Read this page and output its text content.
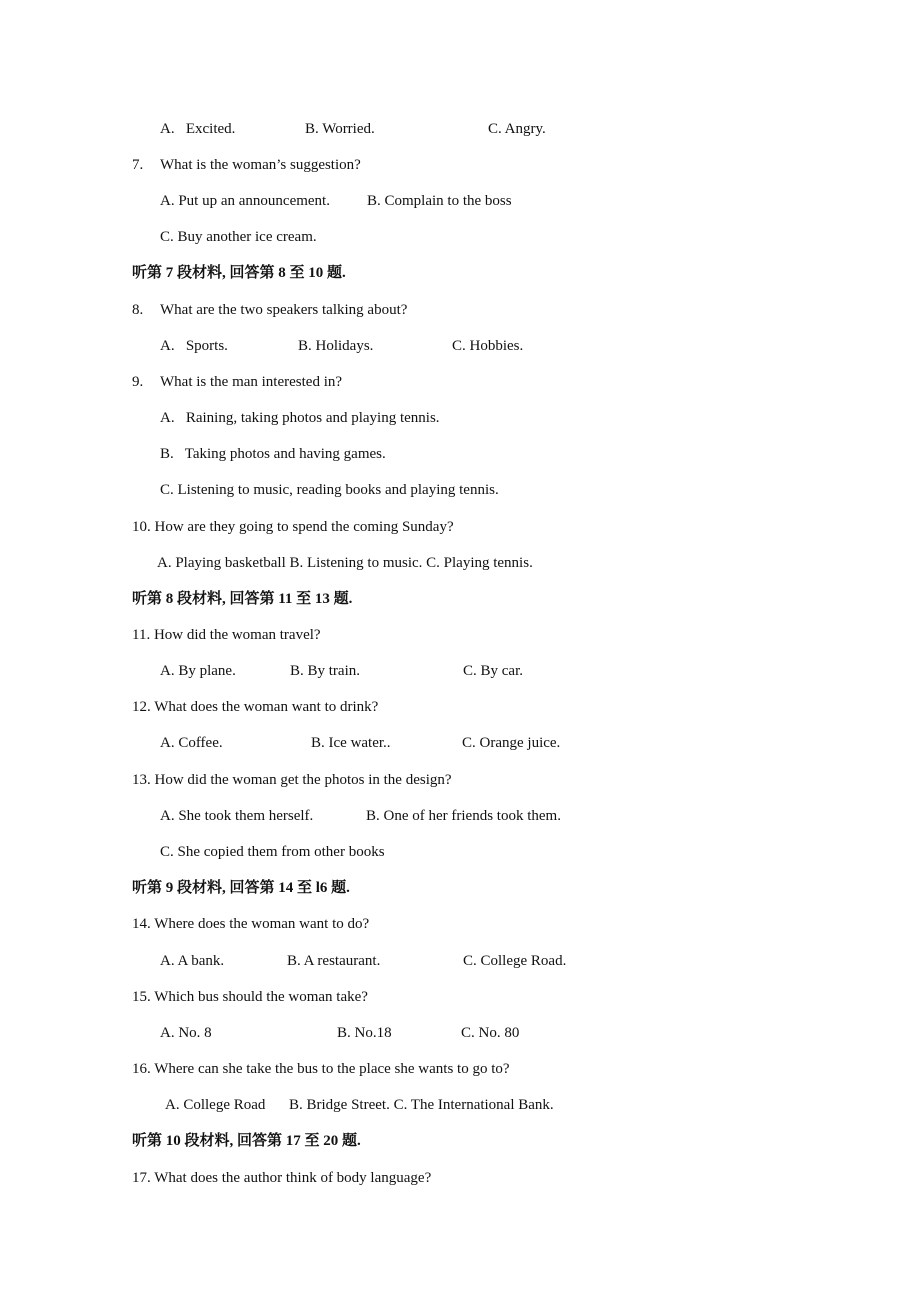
A.   Excited.	B. Worried.	C. Angry.
7. What is the woman’s suggestion?
A. Put up an announcement. B. Complain to the boss
C. Buy another ice cream.
听第 7 段材料, 回答第 8 至 10 题.
8. What are the two speakers talking about?
A.   Sports.	B. Holidays.	C. Hobbies.
9. What is the man interested in?
A.   Raining, taking photos and playing tennis.
B.   Taking photos and having games.
C. Listening to music, reading books and playing tennis.
10. How are they going to spend the coming Sunday?
A. Playing basketball B. Listening to music. C. Playing tennis.
听第 8 段材料, 回答第 11 至 13 题.
11. How did the woman travel?
A. By plane.	B. By train.	C. By car.
12. What does the woman want to drink?
A. Coffee.	B. Ice water..	C. Orange juice.
13. How did the woman get the photos in the design?
A. She took them herself.	B. One of her friends took them.
C. She copied them from other books
听第 9 段材料, 回答第 14 至 l6 题.
14. Where does the woman want to do?
A. A bank.	B. A restaurant.	C. College Road.
15. Which bus should the woman take?
A. No. 8	B. No.18	C. No. 80
16. Where can she take the bus to the place she wants to go to?
A. College Road B. Bridge Street. C. The International Bank.
听第 10 段材料, 回答第 17 至 20 题.
17. What does the author think of body language?
